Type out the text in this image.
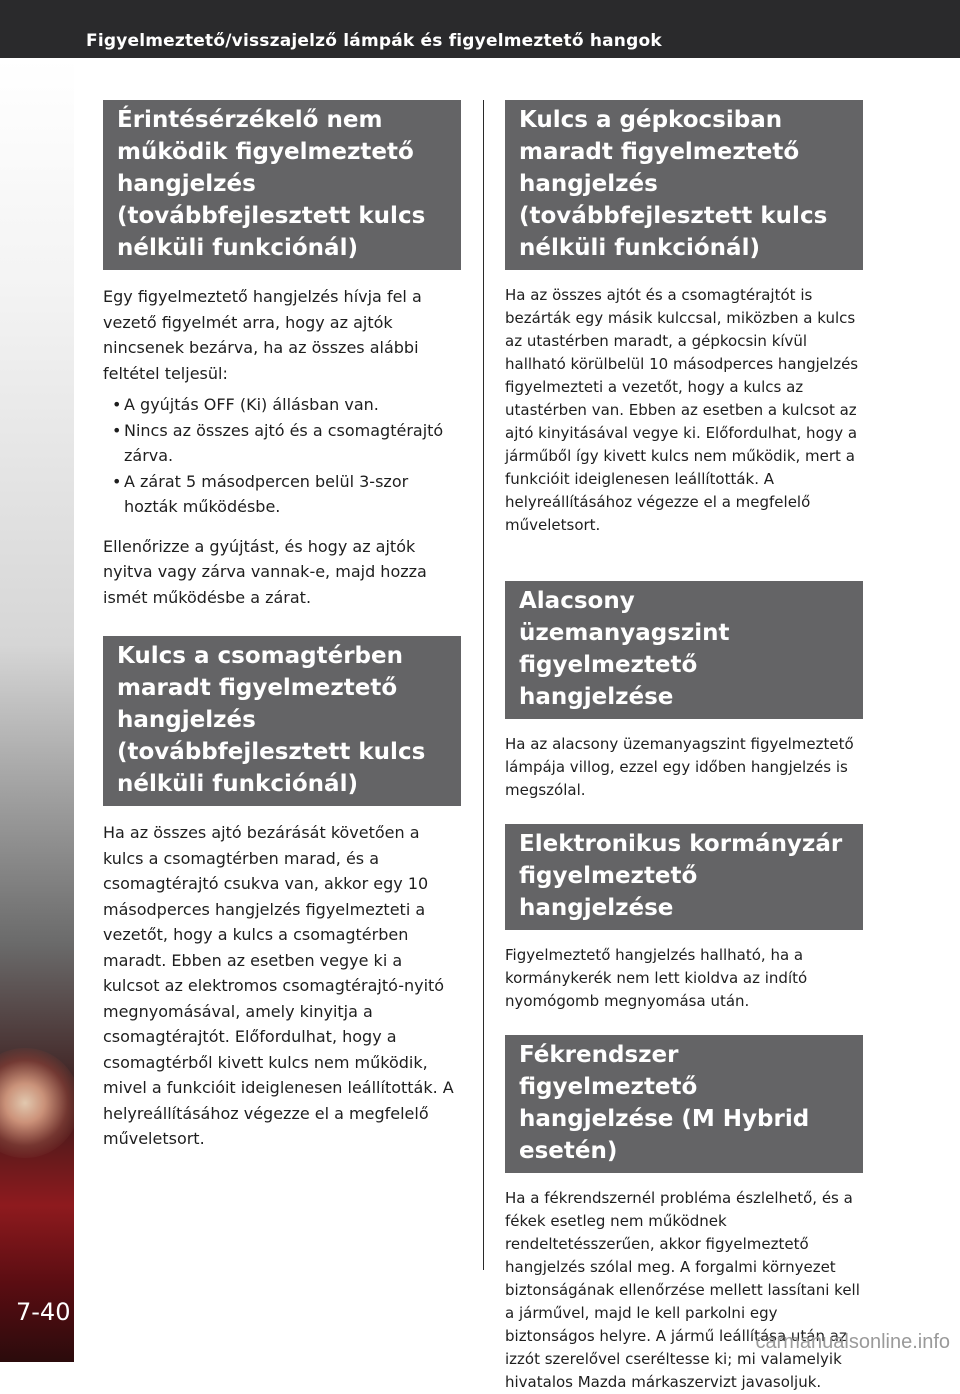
Figyelmeztető/visszajelző lámpák és figyelmeztető hangok
7-40
Érintésérzékelő nem működik figyelmeztető hangjelzés (továbbfejlesztett kulcs nélküli funkciónál)

Egy figyelmeztető hangjelzés hívja fel a vezető figyelmét arra, hogy az ajtók nincsenek bezárva, ha az összes alábbi feltétel teljesül:

• A gyújtás OFF (Ki) állásban van.
• Nincs az összes ajtó és a csomagtérajtó zárva.
• A zárat 5 másodpercen belül 3-szor hozták működésbe.

Ellenőrizze a gyújtást, és hogy az ajtók nyitva vagy zárva vannak-e, majd hozza ismét működésbe a zárat.

Kulcs a csomagtérben maradt figyelmeztető hangjelzés (továbbfejlesztett kulcs nélküli funkciónál)

Ha az összes ajtó bezárását követően a kulcs a csomagtérben marad, és a csomagtérajtó csukva van, akkor egy 10 másodperces hangjelzés figyelmezteti a vezetőt, hogy a kulcs a csomagtérben maradt. Ebben az esetben vegye ki a kulcsot az elektromos csomagtérajtó-nyitó megnyomásával, amely kinyitja a csomagtérajtót. Előfordulhat, hogy a csomagtérből kivett kulcs nem működik, mivel a funkcióit ideiglenesen leállították. A helyreállításához végezze el a megfelelő műveletsort.

Kulcs a gépkocsiban maradt figyelmeztető hangjelzés (továbbfejlesztett kulcs nélküli funkciónál)

Ha az összes ajtót és a csomagtérajtót is bezárták egy másik kulccsal, miközben a kulcs az utastérben maradt, a gépkocsin kívül hallható körülbelül 10 másodperces hangjelzés figyelmezteti a vezetőt, hogy a kulcs az utastérben van. Ebben az esetben a kulcsot az ajtó kinyitásával vegye ki. Előfordulhat, hogy a járműből így kivett kulcs nem működik, mert a funkcióit ideiglenesen leállították. A helyreállításához végezze el a megfelelő műveletsort.

Alacsony üzemanyagszint figyelmeztető hangjelzése

Ha az alacsony üzemanyagszint figyelmeztető lámpája villog, ezzel egy időben hangjelzés is megszólal.

Elektronikus kormányzár figyelmeztető hangjelzése

Figyelmeztető hangjelzés hallható, ha a kormánykerék nem lett kioldva az indító nyomógomb megnyomása után.

Fékrendszer figyelmeztető hangjelzése (M Hybrid esetén)

Ha a fékrendszernél probléma észlelhető, és a fékek esetleg nem működnek rendeltetésszerűen, akkor figyelmeztető hangjelzés szólal meg. A forgalmi környezet biztonságának ellenőrzése mellett lassítani kell a járművel, majd le kell parkolni egy biztonságos helyre. A jármű leállítása után az izzót szerelővel cseréltesse ki; mi valamelyik hivatalos Mazda márkaszervizt javasoljuk.

carmanualsonline.info
